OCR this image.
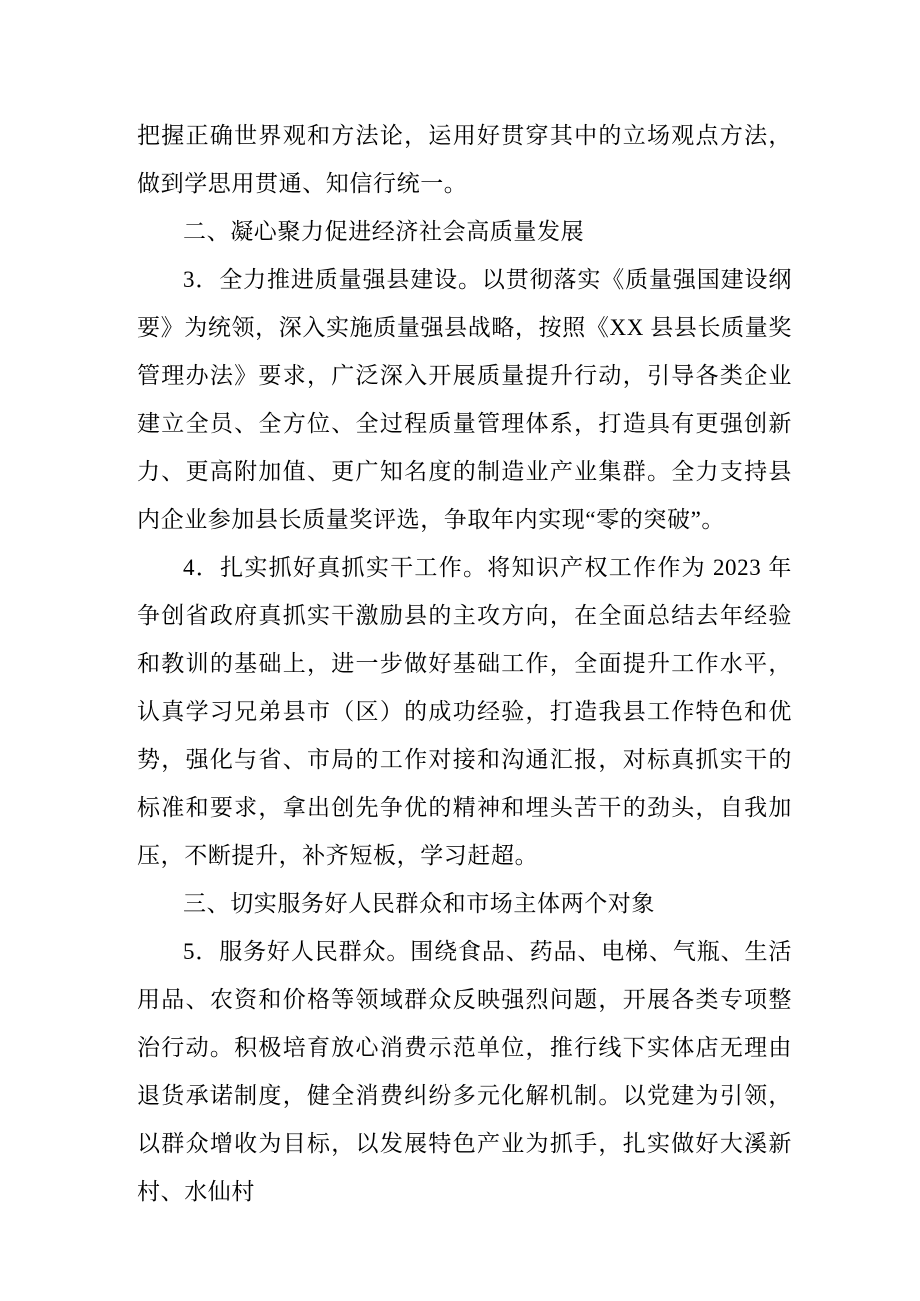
把握正确世界观和方法论，运用好贯穿其中的立场观点方法，做到学思用贯通、知信行统一。

二、凝心聚力促进经济社会高质量发展

3．全力推进质量强县建设。以贯彻落实《质量强国建设纲要》为统领，深入实施质量强县战略，按照《XX 县县长质量奖管理办法》要求，广泛深入开展质量提升行动，引导各类企业建立全员、全方位、全过程质量管理体系，打造具有更强创新力、更高附加值、更广知名度的制造业产业集群。全力支持县内企业参加县长质量奖评选，争取年内实现“零的突破”。

4．扎实抓好真抓实干工作。将知识产权工作作为 2023 年争创省政府真抓实干激励县的主攻方向，在全面总结去年经验和教训的基础上，进一步做好基础工作，全面提升工作水平，认真学习兄弟县市（区）的成功经验，打造我县工作特色和优势，强化与省、市局的工作对接和沟通汇报，对标真抓实干的标准和要求，拿出创先争优的精神和埋头苦干的劲头，自我加压，不断提升，补齐短板，学习赶超。

三、切实服务好人民群众和市场主体两个对象

5．服务好人民群众。围绕食品、药品、电梯、气瓶、生活用品、农资和价格等领域群众反映强烈问题，开展各类专项整治行动。积极培育放心消费示范单位，推行线下实体店无理由退货承诺制度，健全消费纠纷多元化解机制。以党建为引领，以群众增收为目标，以发展特色产业为抓手，扎实做好大溪新村、水仙村
